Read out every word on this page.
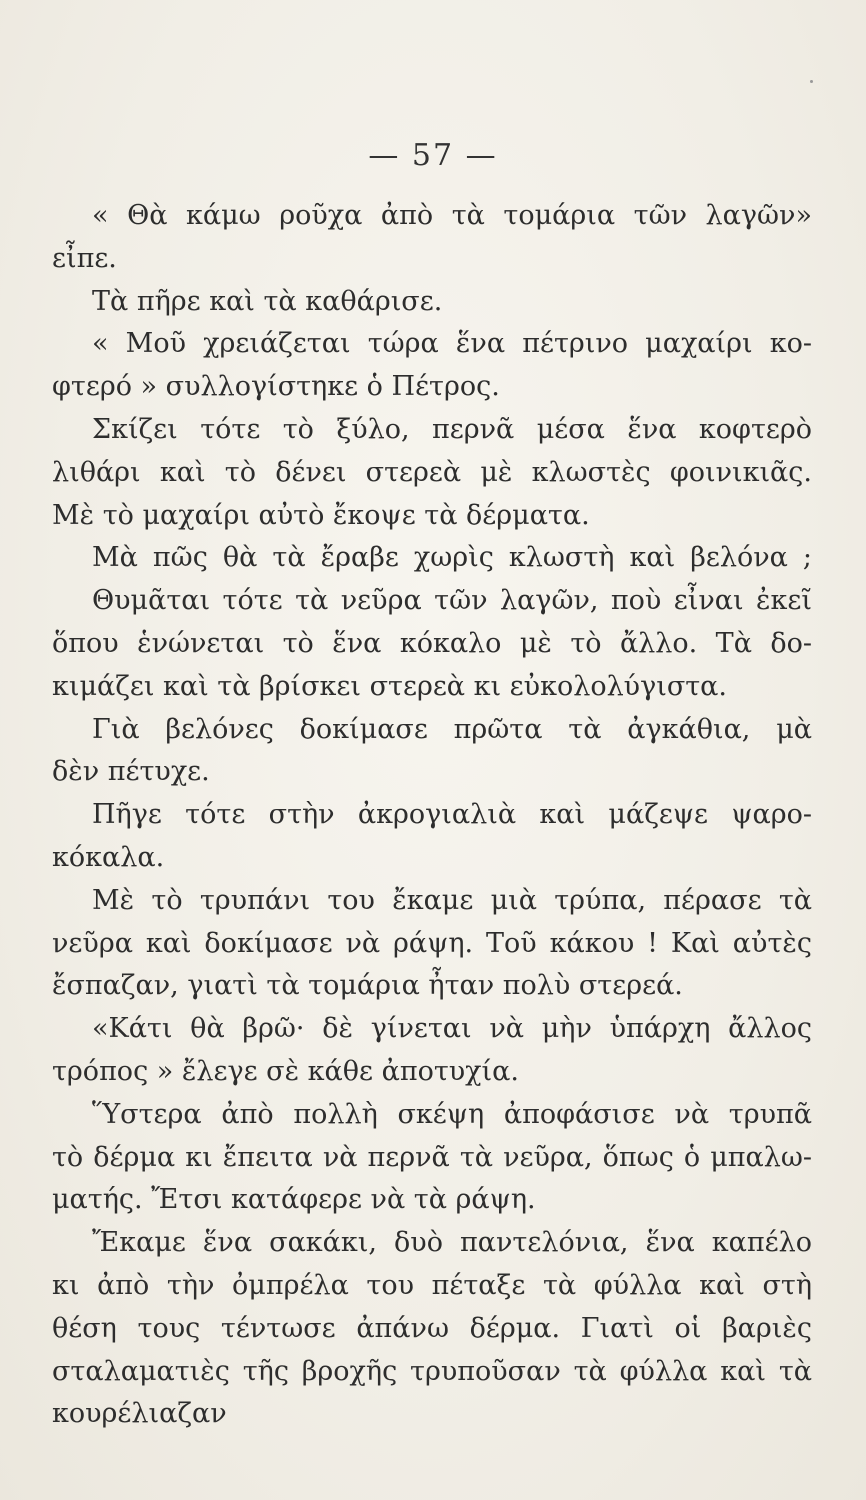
— 57 —
« Θὰ κάμω ροῦχα ἀπὸ τὰ τομάρια τῶν λαγῶν»
εἶπε.
Τὰ πῆρε καὶ τὰ καθάρισε.
« Μοῦ χρειάζεται τώρα ἕνα πέτρινο μαχαίρι κο-
φτερό » συλλογίστηκε ὁ Πέτρος.
Σκίζει τότε τὸ ξύλο, περνᾶ μέσα ἕνα κοφτερὸ
λιθάρι καὶ τὸ δένει στερεὰ μὲ κλωστὲς φοινικιᾶς.
Μὲ τὸ μαχαίρι αὐτὸ ἔκοψε τὰ δέρματα.
Μὰ πῶς θὰ τὰ ἔραβε χωρὶς κλωστὴ καὶ βελόνα ;
Θυμᾶται τότε τὰ νεῦρα τῶν λαγῶν, ποὺ εἶναι ἐκεῖ
ὅπου ἑνώνεται τὸ ἕνα κόκαλο μὲ τὸ ἄλλο. Τὰ δο-
κιμάζει καὶ τὰ βρίσκει στερεὰ κι εὐκολολύγιστα.
Γιὰ βελόνες δοκίμασε πρῶτα τὰ ἀγκάθια, μὰ
δὲν πέτυχε.
Πῆγε τότε στὴν ἀκρογιαλιὰ καὶ μάζεψε ψαρο-
κόκαλα.
Μὲ τὸ τρυπάνι του ἔκαμε μιὰ τρύπα, πέρασε τὰ
νεῦρα καὶ δοκίμασε νὰ ράψη. Τοῦ κάκου ! Καὶ αὐτὲς
ἔσπαζαν, γιατὶ τὰ τομάρια ἦταν πολὺ στερεά.
«Κάτι θὰ βρῶ· δὲ γίνεται νὰ μὴν ὑπάρχη ἄλλος
τρόπος » ἔλεγε σὲ κάθε ἀποτυχία.
Ὕστερα ἀπὸ πολλὴ σκέψη ἀποφάσισε νὰ τρυπᾶ
τὸ δέρμα κι ἔπειτα νὰ περνᾶ τὰ νεῦρα, ὅπως ὁ μπαλω-
ματής. Ἔτσι κατάφερε νὰ τὰ ράψη.
Ἔκαμε ἕνα σακάκι, δυὸ παντελόνια, ἕνα καπέλο
κι ἀπὸ τὴν ὀμπρέλα του πέταξε τὰ φύλλα καὶ στὴ
θέση τους τέντωσε ἀπάνω δέρμα. Γιατὶ οἱ βαριὲς
σταλαματιὲς τῆς βροχῆς τρυποῦσαν τὰ φύλλα καὶ τὰ
κουρέλιαζαν
